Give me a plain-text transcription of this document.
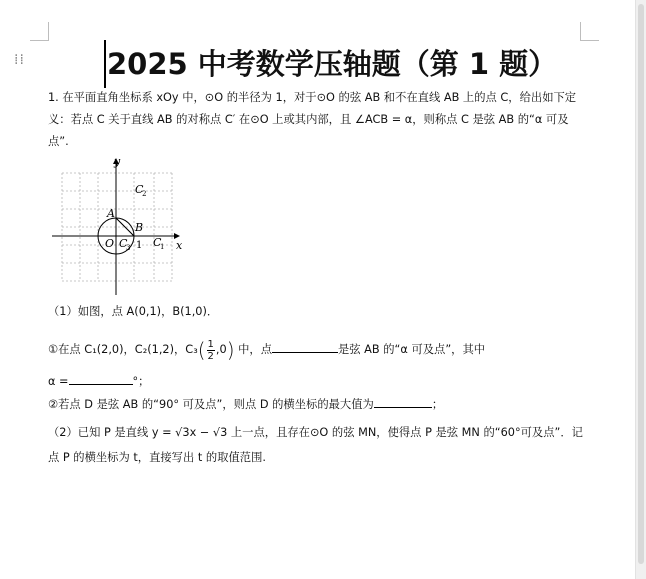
⁞⁞	2025 中考数学压轴题（第 1 题）
1. 在平面直角坐标系 xOy 中，⊙O 的半径为 1，对于⊙O 的弦 AB 和不在直线 AB 上的点 C，给出如下定
义：若点 C 关于直线 AB 的对称点 C′ 在⊙O 上或其内部，且 ∠ACB = α，则称点 C 是弦 AB 的“α 可及
点”.
y
x
O 1
A
B
C
1
C
2
C
3
（1）如图，点 A(0,1)，B(1,0)．
①在点 C₁(2,0)，C₂(1,2)，$C_3( \frac{1}{2} ,0)$ 中，点	是弦 AB 的“α 可及点”，其中
α =	°；
②若点 D 是弦 AB 的“90° 可及点”，则点 D 的横坐标的最大值为	；
（2）已知 P 是直线 y = √3x − √3 上一点，且存在⊙O 的弦 MN，使得点 P 是弦 MN 的“60°可及点”．记
点 P 的横坐标为 t，直接写出 t 的取值范围.
